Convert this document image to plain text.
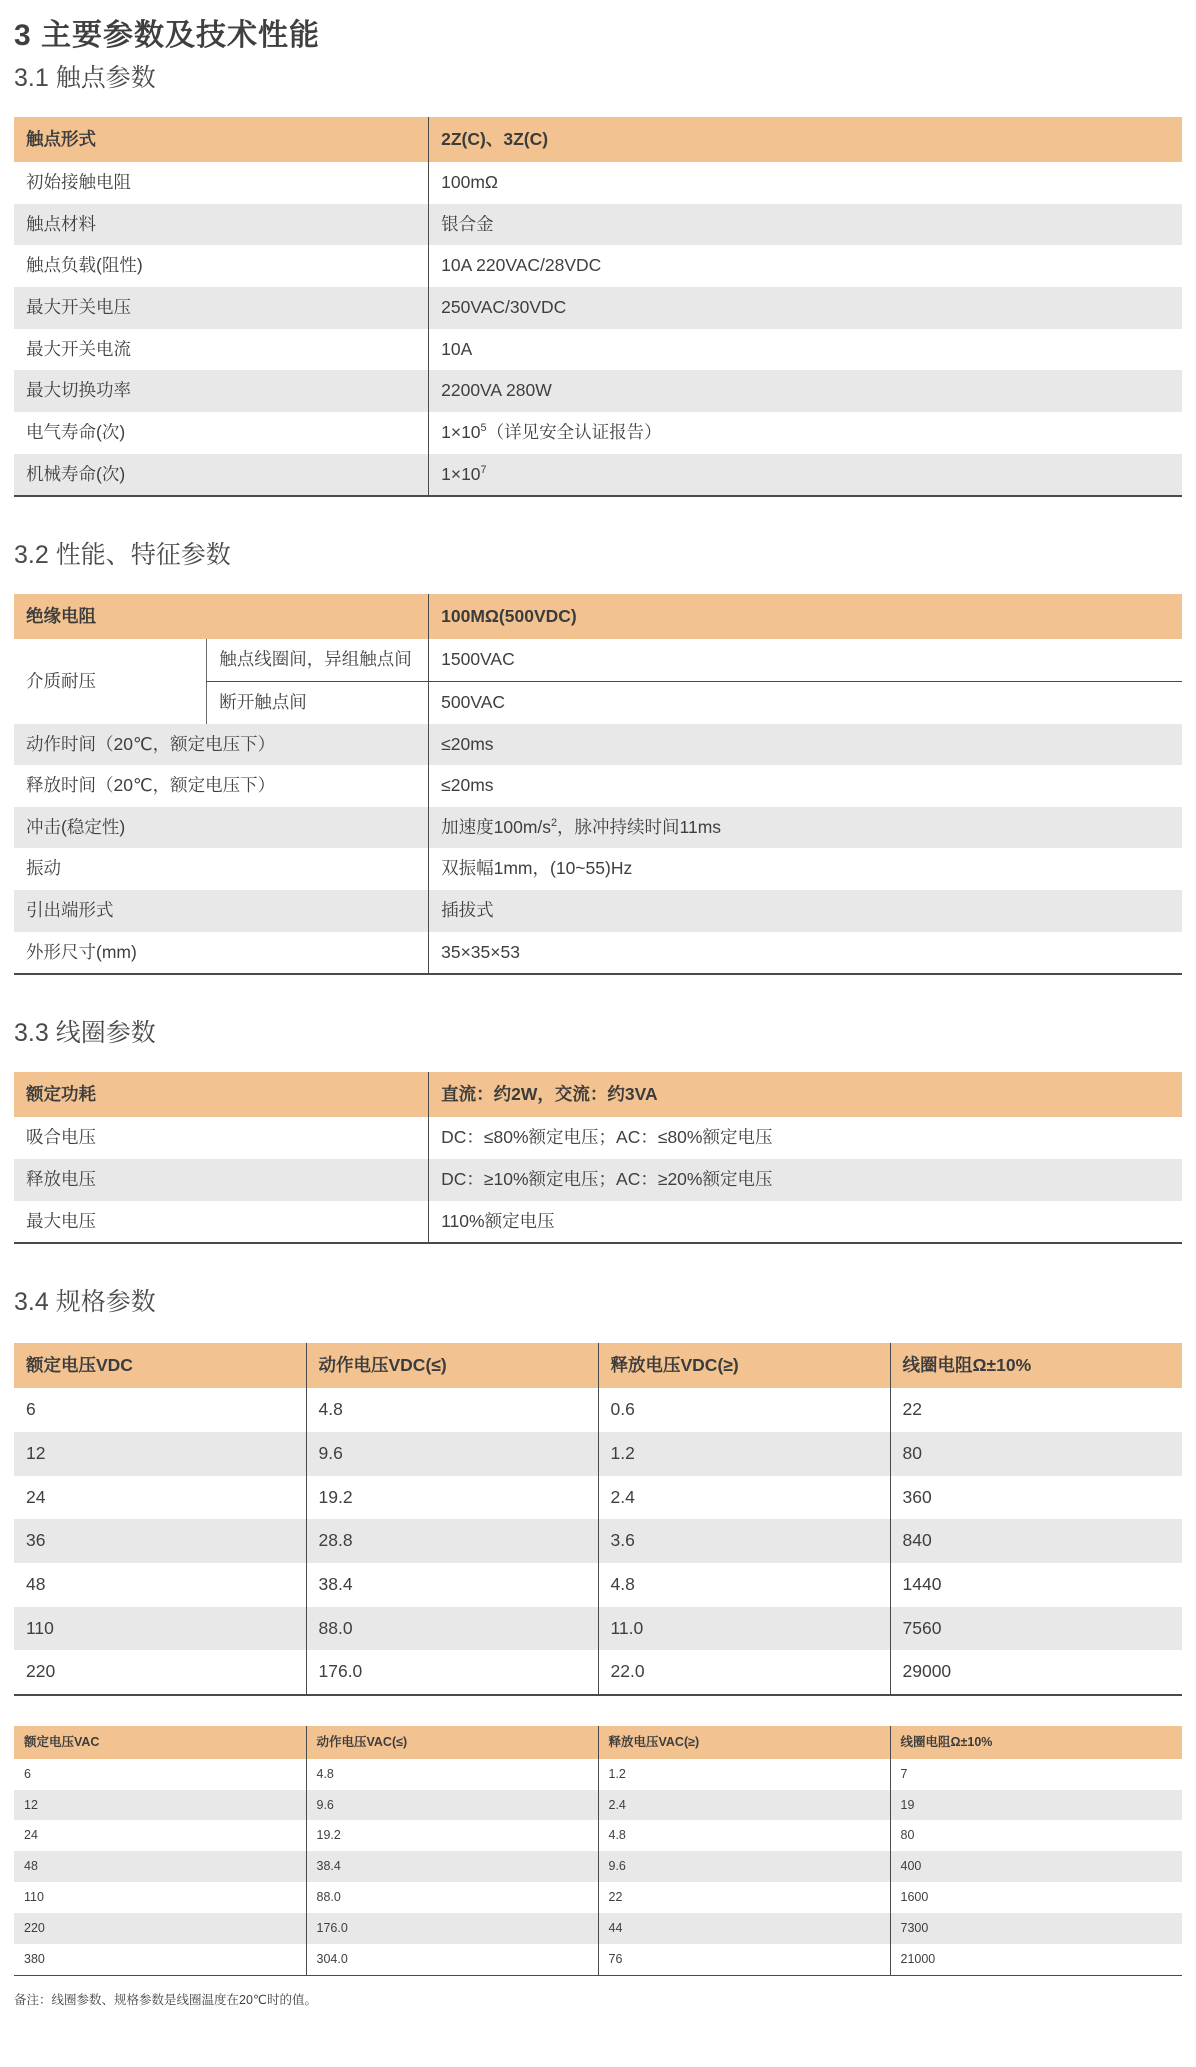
3 主要参数及技术性能
3.1 触点参数
触点形式	2Z(C)、3Z(C)
初始接触电阻	100mΩ
触点材料	银合金
触点负载(阻性)	10A 220VAC/28VDC
最大开关电压	250VAC/30VDC
最大开关电流	10A
最大切换功率	2200VA 280W
电气寿命(次)	$1\times 10^5$（详见安全认证报告）
机械寿命(次)	$1\times 10^7$
3.2 性能、特征参数
绝缘电阻		100MΩ(500VDC)
介质耐压	触点线圈间，异组触点间	1500VAC
	断开触点间	500VAC
动作时间（20℃，额定电压下）		≤20ms
释放时间（20℃，额定电压下）		≤20ms
冲击(稳定性)		加速度$100m/s^2$，脉冲持续时间11ms
振动		双振幅1mm，(10~55)Hz
引出端形式		插拔式
外形尺寸(mm)		35×35×53
3.3 线圈参数
额定功耗	直流：约2W，交流：约3VA
吸合电压	DC：≤80%额定电压；AC：≤80%额定电压
释放电压	DC：≥10%额定电压；AC：≥20%额定电压
最大电压	110%额定电压
3.4 规格参数
额定电压VDC	动作电压VDC(≤)	释放电压VDC(≥)	线圈电阻Ω±10%
6	4.8	0.6	22
12	9.6	1.2	80
24	19.2	2.4	360
36	28.8	3.6	840
48	38.4	4.8	1440
110	88.0	11.0	7560
220	176.0	22.0	29000
额定电压VAC	动作电压VAC(≤)	释放电压VAC(≥)	线圈电阻Ω±10%
6	4.8	1.2	7
12	9.6	2.4	19
24	19.2	4.8	80
48	38.4	9.6	400
110	88.0	22	1600
220	176.0	44	7300
380	304.0	76	21000
备注：线圈参数、规格参数是线圈温度在20℃时的值。
